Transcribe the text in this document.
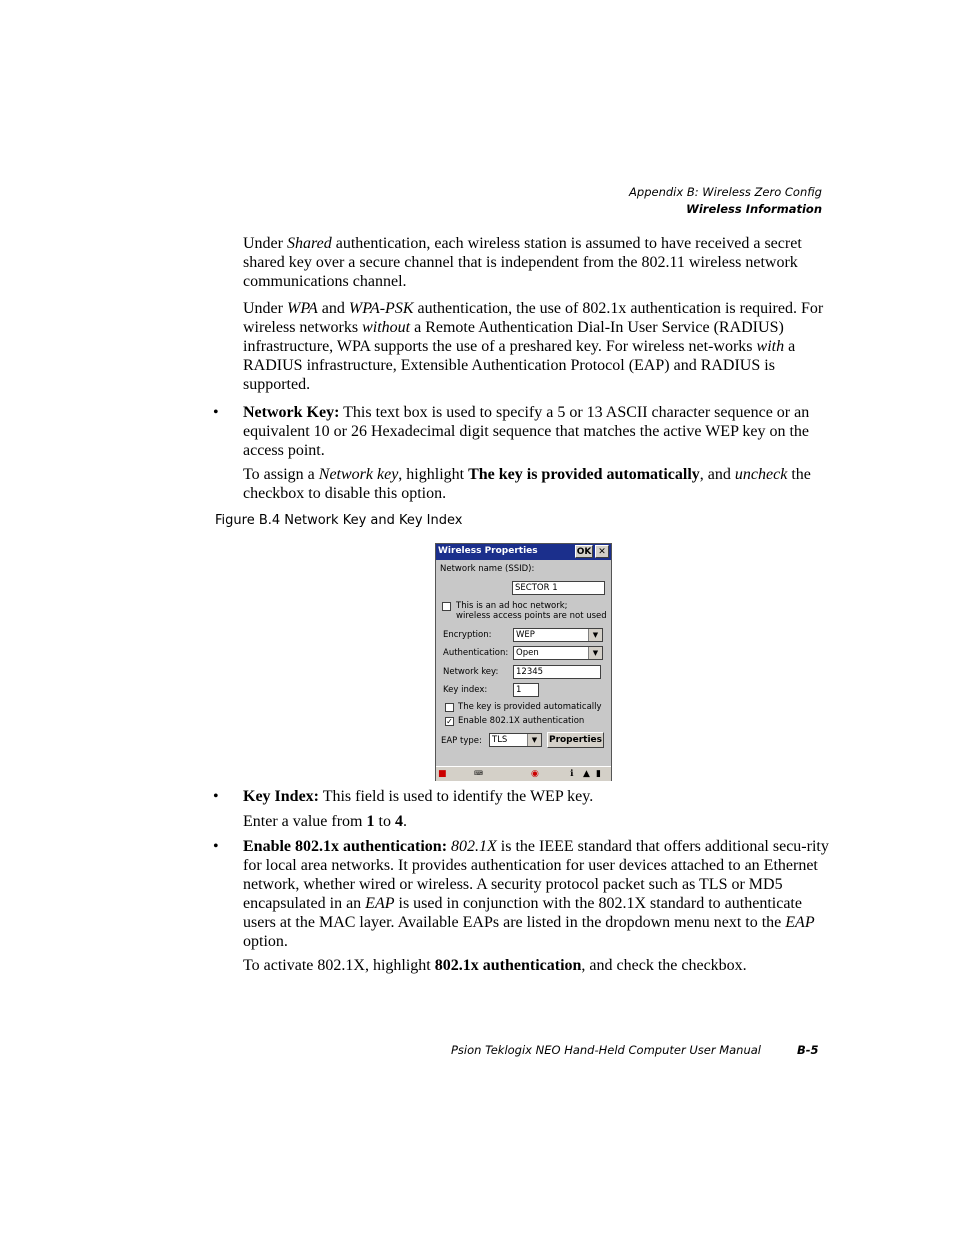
Appendix B: Wireless Zero Config
Wireless Information

Under Shared authentication, each wireless station is assumed to have received a secret shared key over a secure channel that is independent from the 802.11 wireless network communications channel.

Under WPA and WPA-PSK authentication, the use of 802.1x authentication is required. For wireless networks without a Remote Authentication Dial-In User Service (RADIUS) infrastructure, WPA supports the use of a preshared key. For wireless net-works with a RADIUS infrastructure, Extensible Authentication Protocol (EAP) and RADIUS is supported.

• Network Key: This text box is used to specify a 5 or 13 ASCII character sequence or an equivalent 10 or 26 Hexadecimal digit sequence that matches the active WEP key on the access point.

To assign a Network key, highlight The key is provided automatically, and uncheck the checkbox to disable this option.

Figure B.4 Network Key and Key Index
Wireless Properties	OK ✕
Network name (SSID):
SECTOR 1
This is an ad hoc network;
wireless access points are not used
Encryption:	WEP	▼
Authentication: Open	▼
Network key:	12345
Key index:	1
The key is provided automatically
✓ Enable 802.1X authentication
EAP type:	TLS	▼	Properties
■	⌨	◉	ℹ ▲ ▮
• Key Index: This field is used to identify the WEP key.

Enter a value from 1 to 4.

• Enable 802.1x authentication: 802.1X is the IEEE standard that offers additional secu-rity for local area networks. It provides authentication for user devices attached to an Ethernet network, whether wired or wireless. A security protocol packet such as TLS or MD5 encapsulated in an EAP is used in conjunction with the 802.1X standard to authenticate users at the MAC layer. Available EAPs are listed in the dropdown menu next to the EAP option.

To activate 802.1X, highlight 802.1x authentication, and check the checkbox.

Psion Teklogix NEO Hand-Held Computer User Manual	B-5
